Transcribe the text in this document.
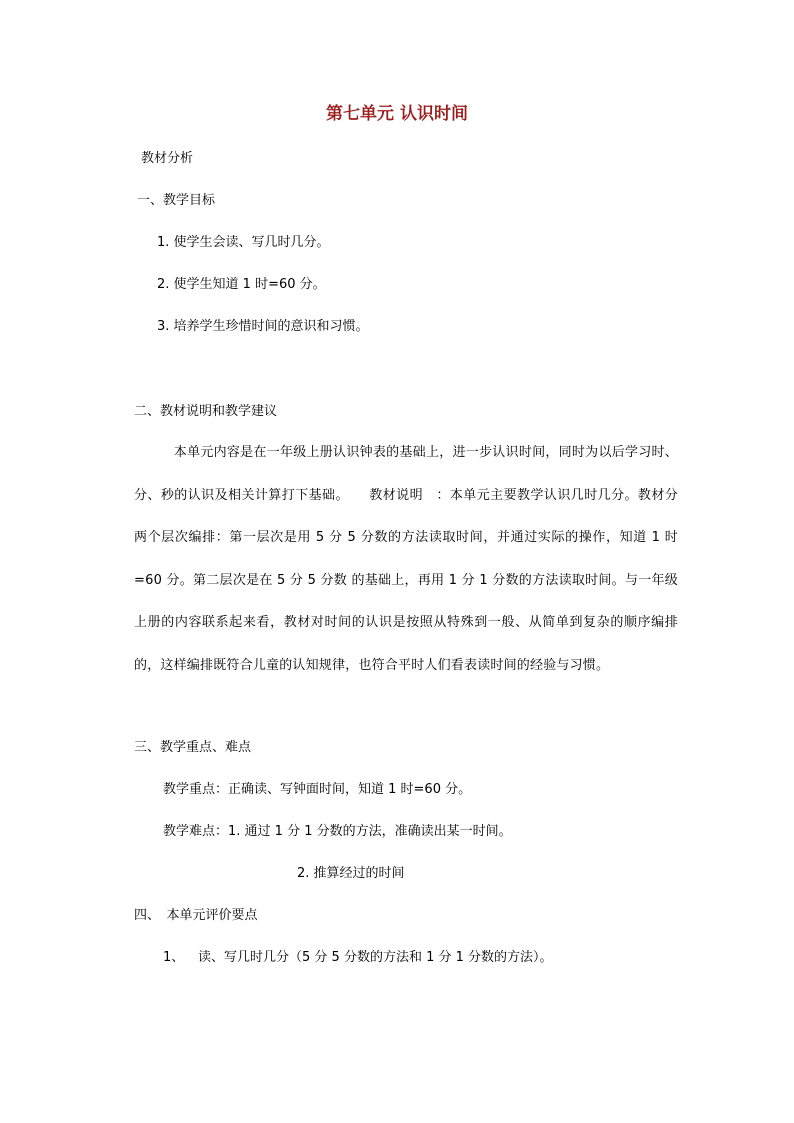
第七单元 认识时间
教材分析
一、教学目标
1. 使学生会读、写几时几分。
2. 使学生知道 1 时=60 分。
3. 培养学生珍惜时间的意识和习惯。
二、教材说明和教学建议
　　　本单元内容是在一年级上册认识钟表的基础上，进一步认识时间，同时为以后学习时、分、秒的认识及相关计算打下基础。　　教材说明　：本单元主要教学认识几时几分。教材分两个层次编排：第一层次是用 5 分 5 分数的方法读取时间，并通过实际的操作，知道 1 时=60 分。第二层次是在 5 分 5 分数 的基础上，再用 1 分 1 分数的方法读取时间。与一年级上册的内容联系起来看，教材对时间的认识是按照从特殊到一般、从简单到复杂的顺序编排的，这样编排既符合儿童的认知规律，也符合平时人们看表读时间的经验与习惯。
三、教学重点、难点
教学重点：正确读、写钟面时间，知道 1 时=60 分。
教学难点：1. 通过 1 分 1 分数的方法，准确读出某一时间。
2. 推算经过的时间
四、　本单元评价要点
1、 读、写几时几分（5 分 5 分数的方法和 1 分 1 分数的方法）。
